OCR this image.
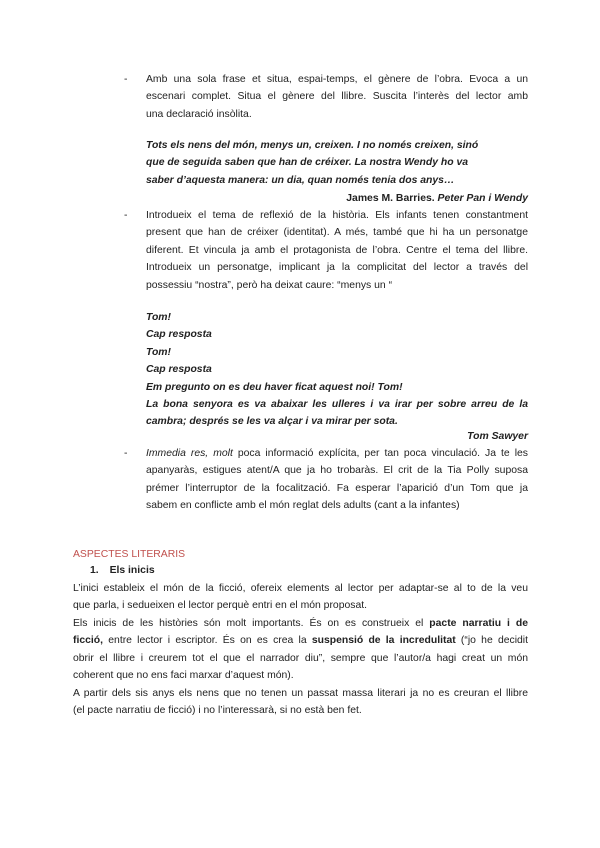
- Amb una sola frase et situa, espai-temps, el gènere de l’obra. Evoca a un
escenari complet. Situa el gènere del llibre. Suscita l’interès del lector amb
una declaració insòlita.
Tots els nens del món, menys un, creixen. I no només creixen, sinó
que de seguida saben que han de créixer. La nostra Wendy ho va
saber d’aquesta manera: un dia, quan només tenia dos anys…
James M. Barries. Peter Pan i Wendy
- Introdueix el tema de reflexió de la història. Els infants tenen constantment
present que han de créixer (identitat). A més, també que hi ha un personatge
diferent. Et vincula ja amb el protagonista de l’obra. Centre el tema del llibre.
Introdueix un personatge, implicant ja la complicitat del lector a través del
possessiu “nostra”, però ha deixat caure: “menys un “
Tom!
Cap resposta
Tom!
Cap resposta
Em pregunto on es deu haver ficat aquest noi! Tom!
La bona senyora es va abaixar les ulleres i va irar per sobre arreu de la
cambra; després se les va alçar i va mirar per sota.
Tom Sawyer
- Immedia res, molt poca informació explícita, per tan poca vinculació. Ja te les
apanyaràs, estigues atent/A que ja ho trobaràs. El crit de la Tia Polly suposa
prémer l’interruptor de la focalització. Fa esperar l’aparició d’un Tom que ja
sabem en conflicte amb el món reglat dels adults (cant a la infantes)
ASPECTES LITERARIS
1. Els inicis
L’inici estableix el món de la ficció, ofereix elements al lector per adaptar-se al to de la veu
que parla, i sedueixen el lector perquè entri en el món proposat.
Els inicis de les històries són molt importants. És on es construeix el pacte narratiu i de
ficció, entre lector i escriptor. És on es crea la suspensió de la incredulitat (“jo he decidit
obrir el llibre i creurem tot el que el narrador diu”, sempre que l’autor/a hagi creat un món
coherent que no ens faci marxar d’aquest món).
A partir dels sis anys els nens que no tenen un passat massa literari ja no es creuran el llibre
(el pacte narratiu de ficció) i no l’interessarà, si no està ben fet.
